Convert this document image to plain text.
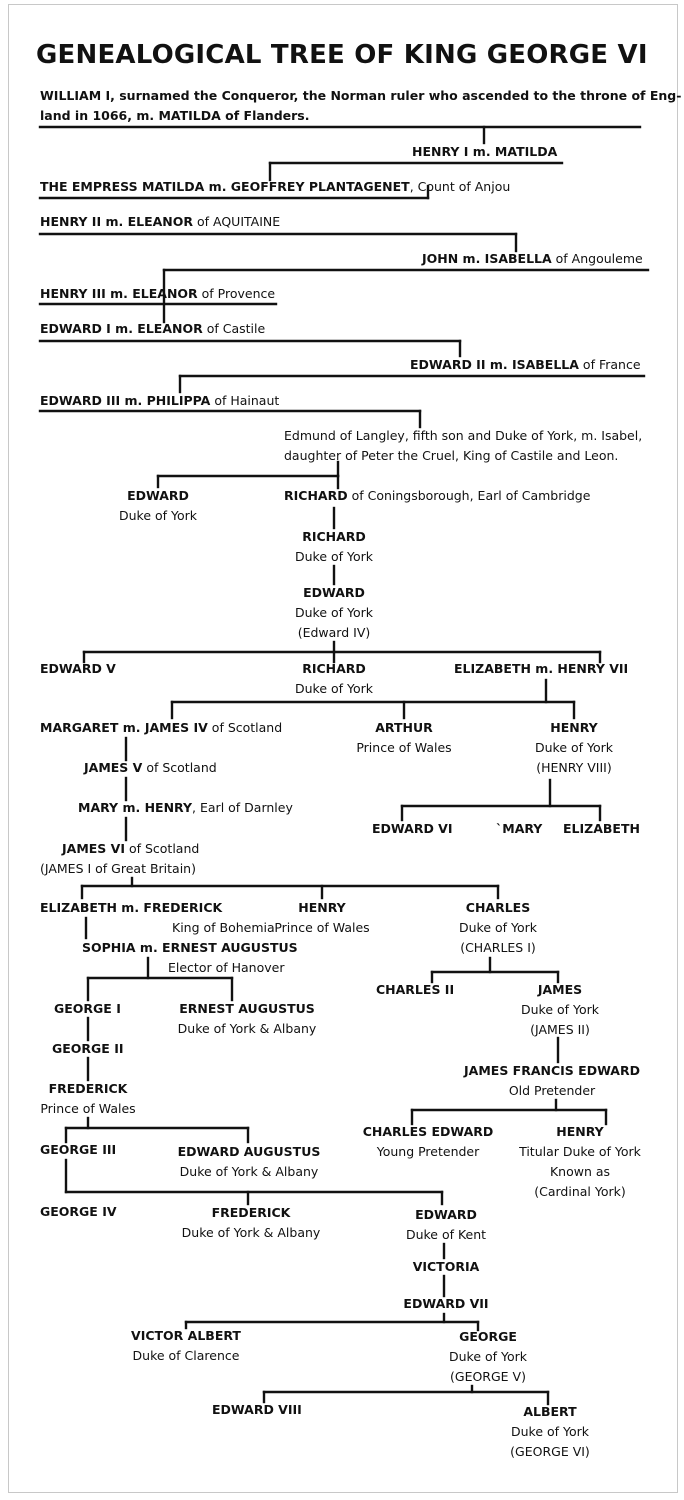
GENEALOGICAL TREE OF KING GEORGE VI
WILLIAM I, surnamed the Conqueror, the Norman ruler who ascended to the throne of Eng-
land in 1066, m. MATILDA of Flanders.
HENRY I m. MATILDA
THE EMPRESS MATILDA m. GEOFFREY PLANTAGENET, Count of Anjou
HENRY II m. ELEANOR of AQUITAINE
JOHN m. ISABELLA of Angouleme
HENRY III m. ELEANOR of Provence
EDWARD I m. ELEANOR of Castile
EDWARD II m. ISABELLA of France
EDWARD III m. PHILIPPA of Hainaut
Edmund of Langley, fifth son and Duke of York, m. Isabel,
daughter of Peter the Cruel, King of Castile and Leon.
EDWARD
Duke of York
RICHARD of Coningsborough, Earl of Cambridge
RICHARD
Duke of York
EDWARD
Duke of York
(Edward IV)
EDWARD V	RICHARD
Duke of York
ELIZABETH m. HENRY VII
MARGARET m. JAMES IV of Scotland	ARTHUR
Prince of Wales
HENRY
Duke of York
(HENRY VIII)
JAMES V of Scotland
MARY m. HENRY, Earl of Darnley
EDWARD VI	`MARY ELIZABETH
JAMES VI of Scotland
(JAMES I of Great Britain)
ELIZABETH m. FREDERICK
King of Bohemia
HENRY
Prince of Wales
CHARLES
Duke of York
(CHARLES I)
SOPHIA m. ERNEST AUGUSTUS
Elector of Hanover
CHARLES II	JAMES
Duke of York
(JAMES II)
GEORGE I	ERNEST AUGUSTUS
Duke of York & Albany
GEORGE II
JAMES FRANCIS EDWARD
Old Pretender
FREDERICK
Prince of Wales
CHARLES EDWARD
Young Pretender
HENRY
Titular Duke of York
Known as
(Cardinal York)
GEORGE III	EDWARD AUGUSTUS
Duke of York & Albany
GEORGE IV	FREDERICK
Duke of York & Albany
EDWARD
Duke of Kent
VICTORIA
EDWARD VII
VICTOR ALBERT
Duke of Clarence
GEORGE
Duke of York
(GEORGE V)
EDWARD VIII	ALBERT
Duke of York
(GEORGE VI)
